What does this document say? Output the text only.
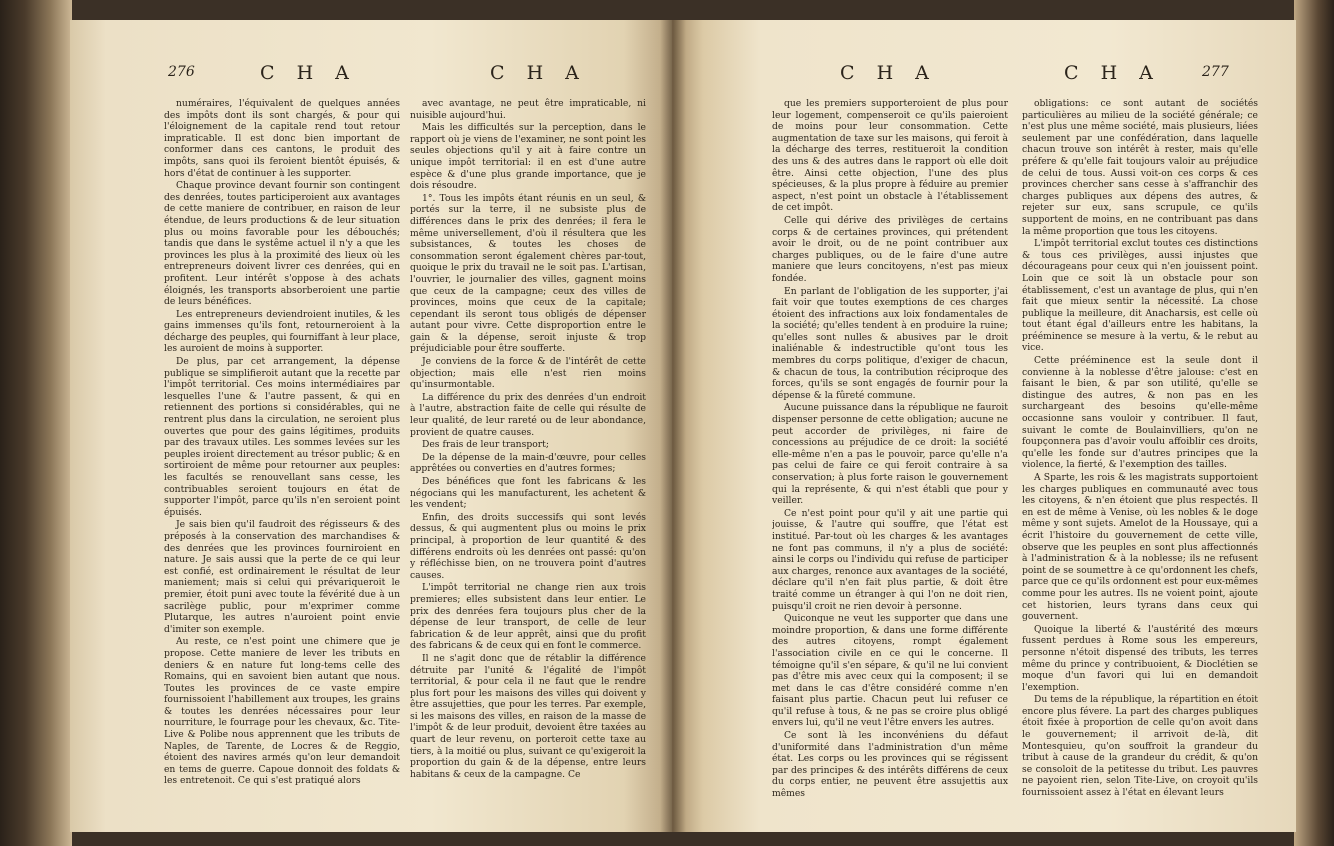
276	C H A	C H A

numéraires, l'équivalent de quelques années des impôts dont ils sont chargés, & pour qui l'éloignement de la capitale rend tout retour impraticable. Il est donc bien important de conformer dans ces cantons, le produit des impôts, sans quoi ils feroient bientôt épuisés, & hors d'état de continuer à les supporter.

Chaque province devant fournir son contingent des denrées, toutes participeroient aux avantages de cette maniere de contribuer, en raison de leur étendue, de leurs productions & de leur situation plus ou moins favorable pour les débouchés; tandis que dans le systême actuel il n'y a que les provinces les plus à la proximité des lieux où les entrepreneurs doivent livrer ces denrées, qui en profitent. Leur intérêt s'oppose à des achats éloignés, les transports absorberoient une partie de leurs bénéfices.

Les entrepreneurs deviendroient inutiles, & les gains immenses qu'ils font, retourneroient à la décharge des peuples, qui fourniffant à leur place, les auroient de moins à supporter.

De plus, par cet arrangement, la dépense publique se simplifieroit autant que la recette par l'impôt territorial. Ces moins intermédiaires par lesquelles l'une & l'autre passent, & qui en retiennent des portions si considérables, qui ne rentrent plus dans la circulation, ne seroient plus ouvertes que pour des gains légitimes, produits par des travaux utiles. Les sommes levées sur les peuples iroient directement au trésor public; & en sortiroient de même pour retourner aux peuples: les facultés se renouvellant sans cesse, les contribuables seroient toujours en état de supporter l'impôt, parce qu'ils n'en seroient point épuisés.

Je sais bien qu'il faudroit des régisseurs & des préposés à la conservation des marchandises & des denrées que les provinces fourniroient en nature. Je sais aussi que la perte de ce qui leur est confié, est ordinairement le résultat de leur maniement; mais si celui qui prévariqueroit le premier, étoit puni avec toute la févérité due à un sacrilège public, pour m'exprimer comme Plutarque, les autres n'auroient point envie d'imiter son exemple.

Au reste, ce n'est point une chimere que je propose. Cette maniere de lever les tributs en deniers & en nature fut long-tems celle des Romains, qui en savoient bien autant que nous. Toutes les provinces de ce vaste empire fournissoient l'habillement aux troupes, les grains & toutes les denrées nécessaires pour leur nourriture, le fourrage pour les chevaux, &c. Tite-Live & Polibe nous apprennent que les tributs de Naples, de Tarente, de Locres & de Reggio, étoient des navires armés qu'on leur demandoit en tems de guerre. Capoue donnoit des foldats & les entretenoit. Ce qui s'est pratiqué alors

avec avantage, ne peut être impraticable, ni nuisible aujourd'hui.

Mais les difficultés sur la perception, dans le rapport où je viens de l'examiner, ne sont point les seules objections qu'il y ait à faire contre un unique impôt territorial: il en est d'une autre espèce & d'une plus grande importance, que je dois résoudre.

1°. Tous les impôts étant réunis en un seul, & portés sur la terre, il ne subsiste plus de différences dans le prix des denrées; il fera le même universellement, d'où il résultera que les subsistances, & toutes les choses de consommation seront également chères par-tout, quoique le prix du travail ne le soit pas. L'artisan, l'ouvrier, le journalier des villes, gagnent moins que ceux de la campagne; ceux des villes de provinces, moins que ceux de la capitale; cependant ils seront tous obligés de dépenser autant pour vivre. Cette disproportion entre le gain & la dépense, seroit injuste & trop préjudiciable pour être soufferte.

Je conviens de la force & de l'intérêt de cette objection; mais elle n'est rien moins qu'insurmontable.

La différence du prix des denrées d'un endroit à l'autre, abstraction faite de celle qui résulte de leur qualité, de leur rareté ou de leur abondance, provient de quatre causes.

Des frais de leur transport;

De la dépense de la main-d'œuvre, pour celles apprêtées ou converties en d'autres formes;

Des bénéfices que font les fabricans & les négocians qui les manufacturent, les achetent & les vendent;

Enfin, des droits successifs qui sont levés dessus, & qui augmentent plus ou moins le prix principal, à proportion de leur quantité & des différens endroits où les denrées ont passé: qu'on y réfléchisse bien, on ne trouvera point d'autres causes.

L'impôt territorial ne change rien aux trois premieres; elles subsistent dans leur entier. Le prix des denrées fera toujours plus cher de la dépense de leur transport, de celle de leur fabrication & de leur apprêt, ainsi que du profit des fabricans & de ceux qui en font le commerce.

Il ne s'agit donc que de rétablir la différence détruite par l'unité & l'égalité de l'impôt territorial, & pour cela il ne faut que le rendre plus fort pour les maisons des villes qui doivent y être assujetties, que pour les terres. Par exemple, si les maisons des villes, en raison de la masse de l'impôt & de leur produit, devoient être taxées au quart de leur revenu, on porteroit cette taxe au tiers, à la moitié ou plus, suivant ce qu'exigeroit la proportion du gain & de la dépense, entre leurs habitans & ceux de la campagne. Ce

C H A	C H A	277

que les premiers supporteroient de plus pour leur logement, compenseroit ce qu'ils paieroient de moins pour leur consommation. Cette augmentation de taxe sur les maisons, qui feroit à la décharge des terres, restitueroit la condition des uns & des autres dans le rapport où elle doit être. Ainsi cette objection, l'une des plus spécieuses, & la plus propre à féduire au premier aspect, n'est point un obstacle à l'établissement de cet impôt.

Celle qui dérive des privilèges de certains corps & de certaines provinces, qui prétendent avoir le droit, ou de ne point contribuer aux charges publiques, ou de le faire d'une autre maniere que leurs concitoyens, n'est pas mieux fondée.

En parlant de l'obligation de les supporter, j'ai fait voir que toutes exemptions de ces charges étoient des infractions aux loix fondamentales de la société; qu'elles tendent à en produire la ruine; qu'elles sont nulles & abusives par le droit inaliénable & indestructible qu'ont tous les membres du corps politique, d'exiger de chacun, & chacun de tous, la contribution réciproque des forces, qu'ils se sont engagés de fournir pour la dépense & la fûreté commune.

Aucune puissance dans la république ne fauroit dispenser personne de cette obligation; aucune ne peut accorder de privilèges, ni faire de concessions au préjudice de ce droit: la société elle-même n'en a pas le pouvoir, parce qu'elle n'a pas celui de faire ce qui feroit contraire à sa conservation; à plus forte raison le gouvernement qui la représente, & qui n'est établi que pour y veiller.

Ce n'est point pour qu'il y ait une partie qui jouisse, & l'autre qui souffre, que l'état est institué. Par-tout où les charges & les avantages ne font pas communs, il n'y a plus de société: ainsi le corps ou l'individu qui refuse de participer aux charges, renonce aux avantages de la société, déclare qu'il n'en fait plus partie, & doit être traité comme un étranger à qui l'on ne doit rien, puisqu'il croit ne rien devoir à personne.

Quiconque ne veut les supporter que dans une moindre proportion, & dans une forme différente des autres citoyens, rompt également l'association civile en ce qui le concerne. Il témoigne qu'il s'en sépare, & qu'il ne lui convient pas d'être mis avec ceux qui la composent; il se met dans le cas d'être considéré comme n'en faisant plus partie. Chacun peut lui refuser ce qu'il refuse à tous, & ne pas se croire plus obligé envers lui, qu'il ne veut l'être envers les autres.

Ce sont là les inconvéniens du défaut d'uniformité dans l'administration d'un même état. Les corps ou les provinces qui se régissent par des principes & des intérêts différens de ceux du corps entier, ne peuvent être assujettis aux mêmes

obligations: ce sont autant de sociétés particulières au milieu de la société générale; ce n'est plus une même société, mais plusieurs, liées seulement par une confédération, dans laquelle chacun trouve son intérêt à rester, mais qu'elle préfere & qu'elle fait toujours valoir au préjudice de celui de tous. Aussi voit-on ces corps & ces provinces chercher sans cesse à s'affranchir des charges publiques aux dépens des autres, & rejeter sur eux, sans scrupule, ce qu'ils supportent de moins, en ne contribuant pas dans la même proportion que tous les citoyens.

L'impôt territorial exclut toutes ces distinctions & tous ces privilèges, aussi injustes que décourageans pour ceux qui n'en jouissent point. Loin que ce soit là un obstacle pour son établissement, c'est un avantage de plus, qui n'en fait que mieux sentir la nécessité. La chose publique la meilleure, dit Anacharsis, est celle où tout étant égal d'ailleurs entre les habitans, la prééminence se mesure à la vertu, & le rebut au vice.

Cette prééminence est la seule dont il convienne à la noblesse d'être jalouse: c'est en faisant le bien, & par son utilité, qu'elle se distingue des autres, & non pas en les surchargeant des besoins qu'elle-même occasionne sans vouloir y contribuer. Il faut, suivant le comte de Boulainvilliers, qu'on ne foupçonnera pas d'avoir voulu affoiblir ces droits, qu'elle les fonde sur d'autres principes que la violence, la fierté, & l'exemption des tailles.

A Sparte, les rois & les magistrats supportoient les charges publiques en communauté avec tous les citoyens, & n'en étoient que plus respectés. Il en est de même à Venise, où les nobles & le doge même y sont sujets. Amelot de la Houssaye, qui a écrit l'histoire du gouvernement de cette ville, observe que les peuples en sont plus affectionnés à l'administration & à la noblesse; ils ne refusent point de se soumettre à ce qu'ordonnent les chefs, parce que ce qu'ils ordonnent est pour eux-mêmes comme pour les autres. Ils ne voient point, ajoute cet historien, leurs tyrans dans ceux qui gouvernent.

Quoique la liberté & l'austérité des mœurs fussent perdues à Rome sous les empereurs, personne n'étoit dispensé des tributs, les terres même du prince y contribuoient, & Dioclétien se moque d'un favori qui lui en demandoit l'exemption.

Du tems de la république, la répartition en étoit encore plus févere. La part des charges publiques étoit fixée à proportion de celle qu'on avoit dans le gouvernement; il arrivoit de-là, dit Montesquieu, qu'on souffroit la grandeur du tribut à cause de la grandeur du crédit, & qu'on se consoloit de la petitesse du tribut. Les pauvres ne payoient rien, selon Tite-Live, on croyoit qu'ils fournissoient assez à l'état en élevant leurs
